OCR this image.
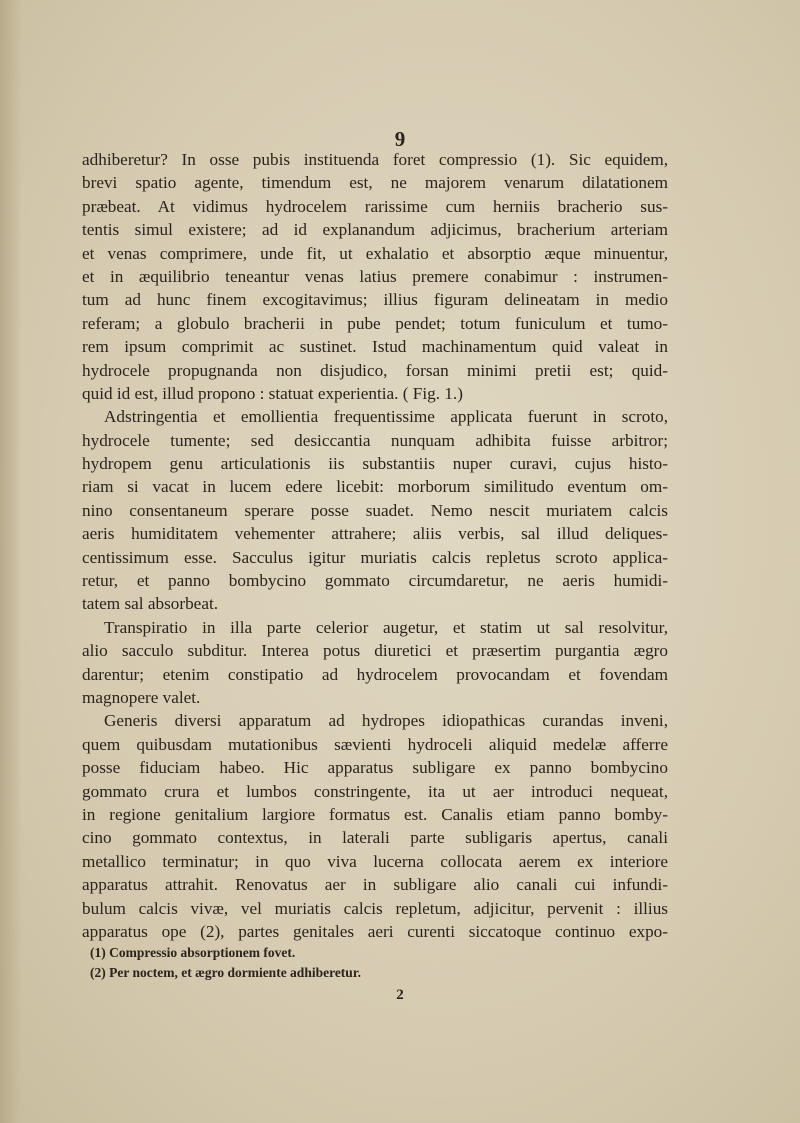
9
adhiberetur? In osse pubis instituenda foret compressio (1). Sic equidem,
brevi spatio agente, timendum est, ne majorem venarum dilatationem
præbeat. At vidimus hydrocelem rarissime cum herniis bracherio sus-
tentis simul existere; ad id explanandum adjicimus, bracherium arteriam
et venas comprimere, unde fit, ut exhalatio et absorptio æque minuentur,
et in æquilibrio teneantur venas latius premere conabimur : instrumen-
tum ad hunc finem excogitavimus; illius figuram delineatam in medio
referam; a globulo bracherii in pube pendet; totum funiculum et tumo-
rem ipsum comprimit ac sustinet. Istud machinamentum quid valeat in
hydrocele propugnanda non disjudico, forsan minimi pretii est; quid-
quid id est, illud propono : statuat experientia. ( Fig. 1.)
Adstringentia et emollientia frequentissime applicata fuerunt in scroto,
hydrocele tumente; sed desiccantia nunquam adhibita fuisse arbitror;
hydropem genu articulationis iis substantiis nuper curavi, cujus histo-
riam si vacat in lucem edere licebit: morborum similitudo eventum om-
nino consentaneum sperare posse suadet. Nemo nescit muriatem calcis
aeris humiditatem vehementer attrahere; aliis verbis, sal illud deliques-
centissimum esse. Sacculus igitur muriatis calcis repletus scroto applica-
retur, et panno bombycino gommato circumdaretur, ne aeris humidi-
tatem sal absorbeat.
Transpiratio in illa parte celerior augetur, et statim ut sal resolvitur,
alio sacculo subditur. Interea potus diuretici et præsertim purgantia ægro
darentur; etenim constipatio ad hydrocelem provocandam et fovendam
magnopere valet.
Generis diversi apparatum ad hydropes idiopathicas curandas inveni,
quem quibusdam mutationibus sævienti hydroceli aliquid medelæ afferre
posse fiduciam habeo. Hic apparatus subligare ex panno bombycino
gommato crura et lumbos constringente, ita ut aer introduci nequeat,
in regione genitalium largiore formatus est. Canalis etiam panno bomby-
cino gommato contextus, in laterali parte subligaris apertus, canali
metallico terminatur; in quo viva lucerna collocata aerem ex interiore
apparatus attrahit. Renovatus aer in subligare alio canali cui infundi-
bulum calcis vivæ, vel muriatis calcis repletum, adjicitur, pervenit : illius
apparatus ope (2), partes genitales aeri curenti siccatoque continuo expo-
(1) Compressio absorptionem fovet.
(2) Per noctem, et ægro dormiente adhiberetur.
2
